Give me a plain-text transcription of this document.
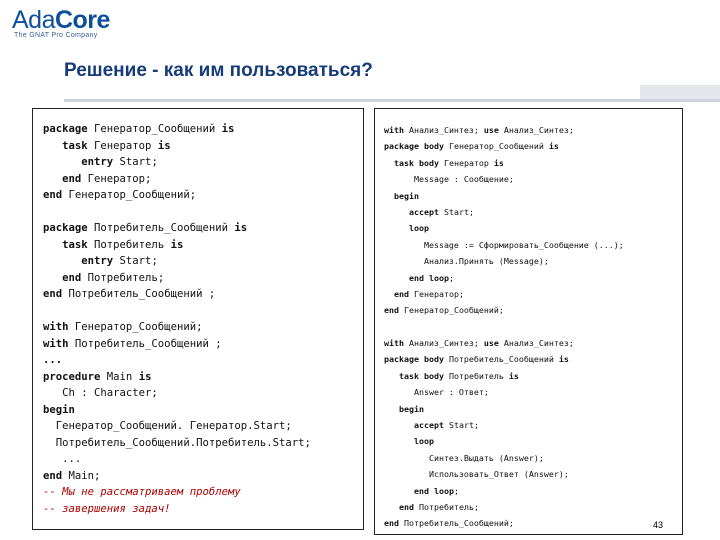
AdaCore
The GNAT Pro Company
Решение - как им пользоваться?
package Генератор_Сообщений is
task Генератор is
entry Start;
end Генератор;
end Генератор_Сообщений;

package Потребитель_Сообщений is
task Потребитель is
entry Start;
end Потребитель;
end Потребитель_Сообщений ;

with Генератор_Сообщений;
with Потребитель_Сообщений ;
...
procedure Main is
Ch : Character;
begin
Генератор_Сообщений. Генератор.Start;
Потребитель_Сообщений.Потребитель.Start;
...
end Main;
-- Мы не рассматриваем проблему
-- завершения задач!
with Анализ_Синтез; use Анализ_Синтез;
package body Генератор_Сообщений is
task body Генератор is
Message : Сообщение;
begin
accept Start;
loop
Message := Сформировать_Сообщение (...);
Анализ.Принять (Message);
end loop;
end Генератор;
end Генератор_Сообщений;

with Анализ_Синтез; use Анализ_Синтез;
package body Потребитель_Сообщений is
task body Потребитель is
Answer : Ответ;
begin
accept Start;
loop
Синтез.Выдать (Answer);
Использовать_Ответ (Answer);
end loop;
end Потребитель;
end Потребитель_Сообщений;	43
